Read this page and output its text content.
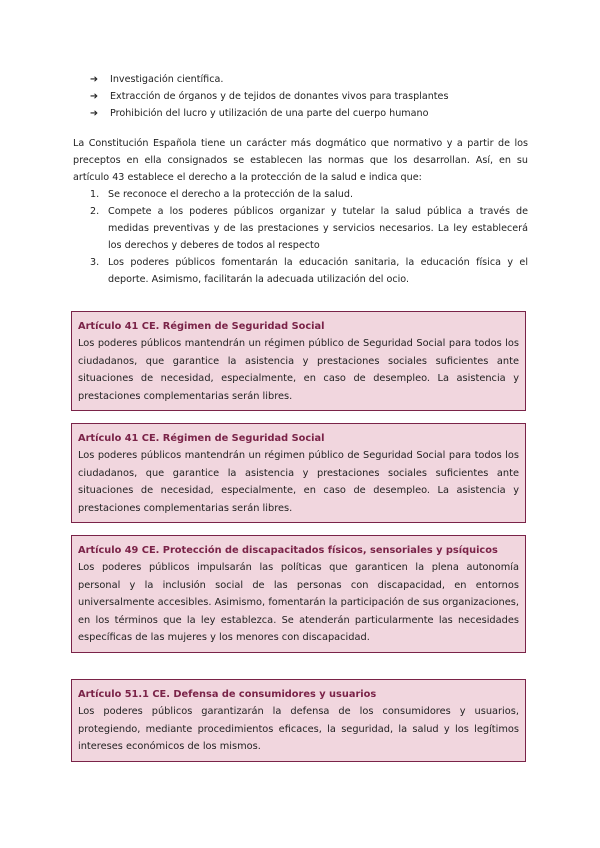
➔ Investigación científica.
➔ Extracción de órganos y de tejidos de donantes vivos para trasplantes
➔ Prohibición del lucro y utilización de una parte del cuerpo humano

La Constitución Española tiene un carácter más dogmático que normativo y a partir de los preceptos en ella consignados se establecen las normas que los desarrollan. Así, en su artículo 43 establece el derecho a la protección de la salud e indica que:

1. Se reconoce el derecho a la protección de la salud.
2. Compete a los poderes públicos organizar y tutelar la salud pública a través de medidas preventivas y de las prestaciones y servicios necesarios. La ley establecerá los derechos y deberes de todos al respecto
3. Los poderes públicos fomentarán la educación sanitaria, la educación física y el deporte. Asimismo, facilitarán la adecuada utilización del ocio.
Artículo 41 CE. Régimen de Seguridad Social

Los poderes públicos mantendrán un régimen público de Seguridad Social para todos los ciudadanos, que garantice la asistencia y prestaciones sociales suficientes ante situaciones de necesidad, especialmente, en caso de desempleo. La asistencia y prestaciones complementarias serán libres.

Artículo 41 CE. Régimen de Seguridad Social

Los poderes públicos mantendrán un régimen público de Seguridad Social para todos los ciudadanos, que garantice la asistencia y prestaciones sociales suficientes ante situaciones de necesidad, especialmente, en caso de desempleo. La asistencia y prestaciones complementarias serán libres.

Artículo 49 CE. Protección de discapacitados físicos, sensoriales y psíquicos

Los poderes públicos impulsarán las políticas que garanticen la plena autonomía personal y la inclusión social de las personas con discapacidad, en entornos universalmente accesibles. Asimismo, fomentarán la participación de sus organizaciones, en los términos que la ley establezca. Se atenderán particularmente las necesidades específicas de las mujeres y los menores con discapacidad.

Artículo 51.1 CE. Defensa de consumidores y usuarios

Los poderes públicos garantizarán la defensa de los consumidores y usuarios, protegiendo, mediante procedimientos eficaces, la seguridad, la salud y los legítimos intereses económicos de los mismos.
